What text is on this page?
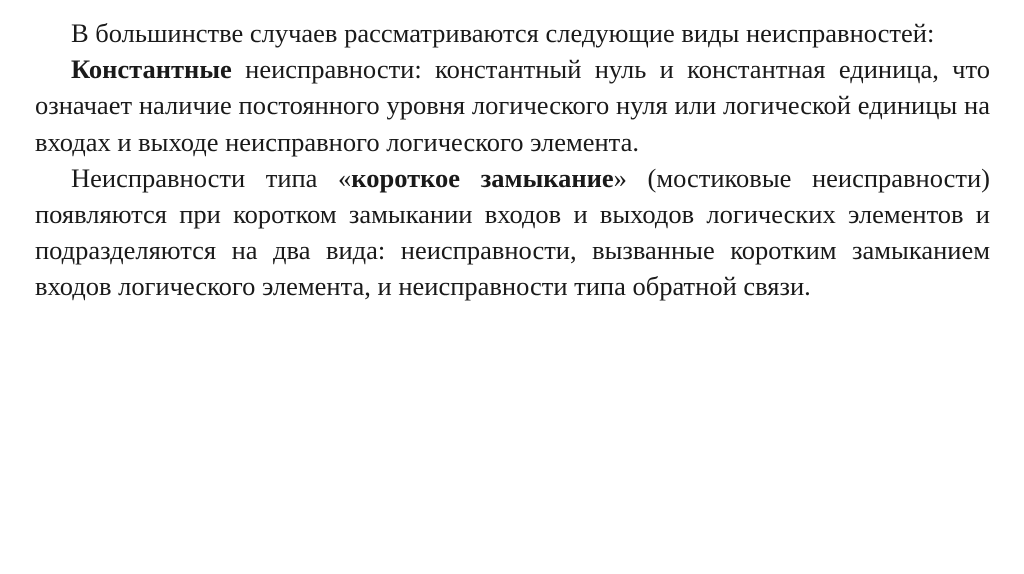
В большинстве случаев рассматриваются следующие виды неисправностей:

Константные неисправности: константный нуль и константная единица, что означает наличие постоянного уровня логического нуля или логической единицы на входах и выходе неисправного логического элемента.

Неисправности типа «короткое замыкание» (мостиковые неисправности) появляются при коротком замыкании входов и выходов логических элементов и подразделяются на два вида: неисправности, вызванные коротким замыканием входов логического элемента, и неисправности типа обратной связи.
